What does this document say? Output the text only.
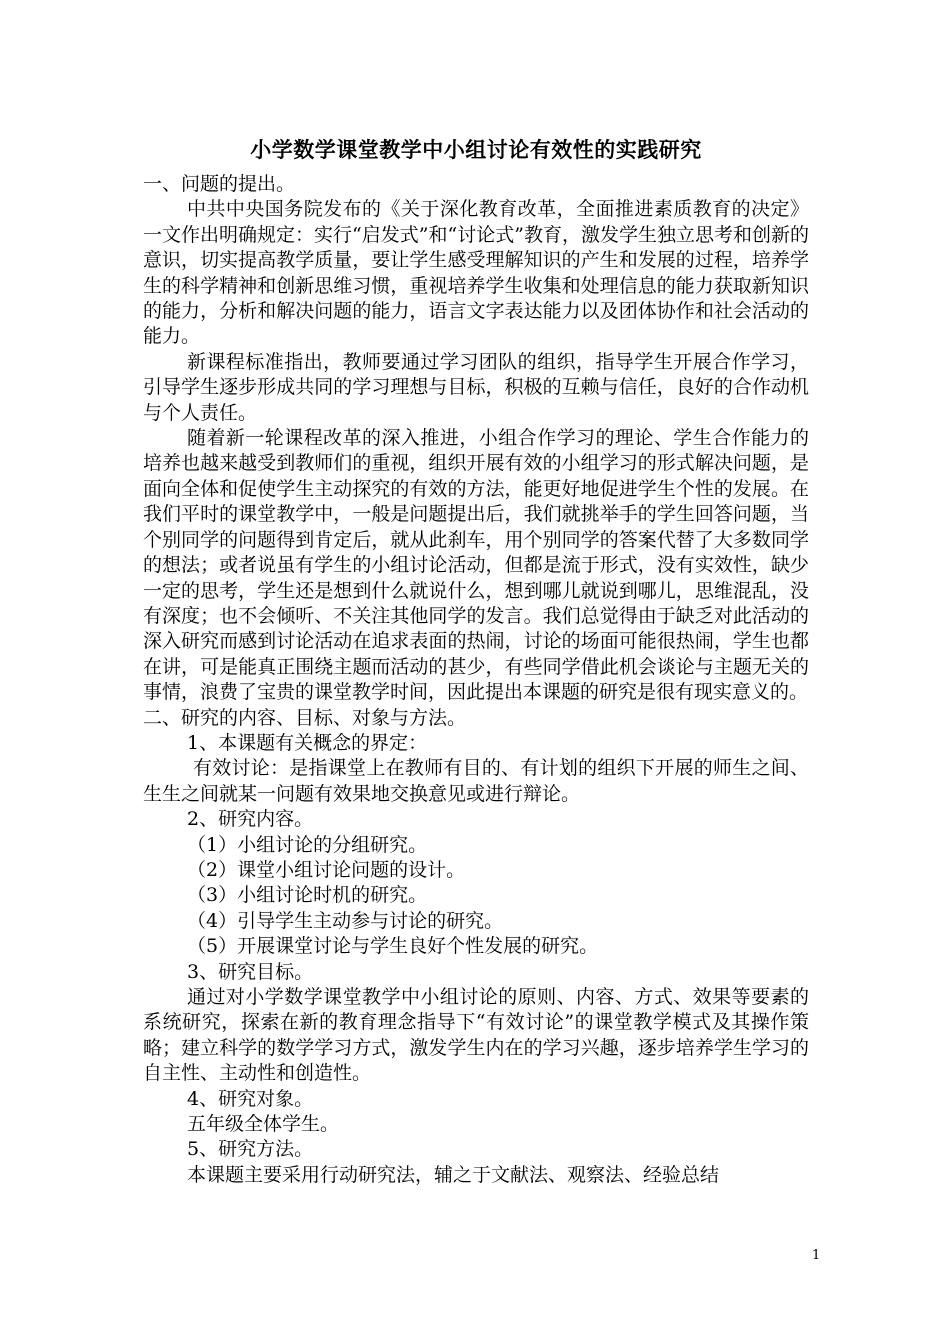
小学数学课堂教学中小组讨论有效性的实践研究

一、问题的提出。

中共中央国务院发布的《关于深化教育改革，全面推进素质教育的决定》一文作出明确规定：实行“启发式”和“讨论式”教育，激发学生独立思考和创新的意识，切实提高教学质量，要让学生感受理解知识的产生和发展的过程，培养学生的科学精神和创新思维习惯，重视培养学生收集和处理信息的能力获取新知识的能力，分析和解决问题的能力，语言文字表达能力以及团体协作和社会活动的能力。

新课程标准指出，教师要通过学习团队的组织，指导学生开展合作学习，引导学生逐步形成共同的学习理想与目标，积极的互赖与信任，良好的合作动机与个人责任。

随着新一轮课程改革的深入推进，小组合作学习的理论、学生合作能力的培养也越来越受到教师们的重视，组织开展有效的小组学习的形式解决问题，是面向全体和促使学生主动探究的有效的方法，能更好地促进学生个性的发展。在我们平时的课堂教学中，一般是问题提出后，我们就挑举手的学生回答问题，当个别同学的问题得到肯定后，就从此刹车，用个别同学的答案代替了大多数同学的想法；或者说虽有学生的小组讨论活动，但都是流于形式，没有实效性，缺少一定的思考，学生还是想到什么就说什么，想到哪儿就说到哪儿，思维混乱，没有深度；也不会倾听、不关注其他同学的发言。我们总觉得由于缺乏对此活动的深入研究而感到讨论活动在追求表面的热闹，讨论的场面可能很热闹，学生也都在讲，可是能真正围绕主题而活动的甚少，有些同学借此机会谈论与主题无关的事情，浪费了宝贵的课堂教学时间，因此提出本课题的研究是很有现实意义的。

二、研究的内容、目标、对象与方法。

1、本课题有关概念的界定：

有效讨论：是指课堂上在教师有目的、有计划的组织下开展的师生之间、生生之间就某一问题有效果地交换意见或进行辩论。

2、研究内容。

（1）小组讨论的分组研究。

（2）课堂小组讨论问题的设计。

（3）小组讨论时机的研究。

（4）引导学生主动参与讨论的研究。

（5）开展课堂讨论与学生良好个性发展的研究。

3、研究目标。

通过对小学数学课堂教学中小组讨论的原则、内容、方式、效果等要素的系统研究，探索在新的教育理念指导下“有效讨论”的课堂教学模式及其操作策略；建立科学的数学学习方式，激发学生内在的学习兴趣，逐步培养学生学习的自主性、主动性和创造性。

4、研究对象。

五年级全体学生。

5、研究方法。

本课题主要采用行动研究法，辅之于文献法、观察法、经验总结

1
